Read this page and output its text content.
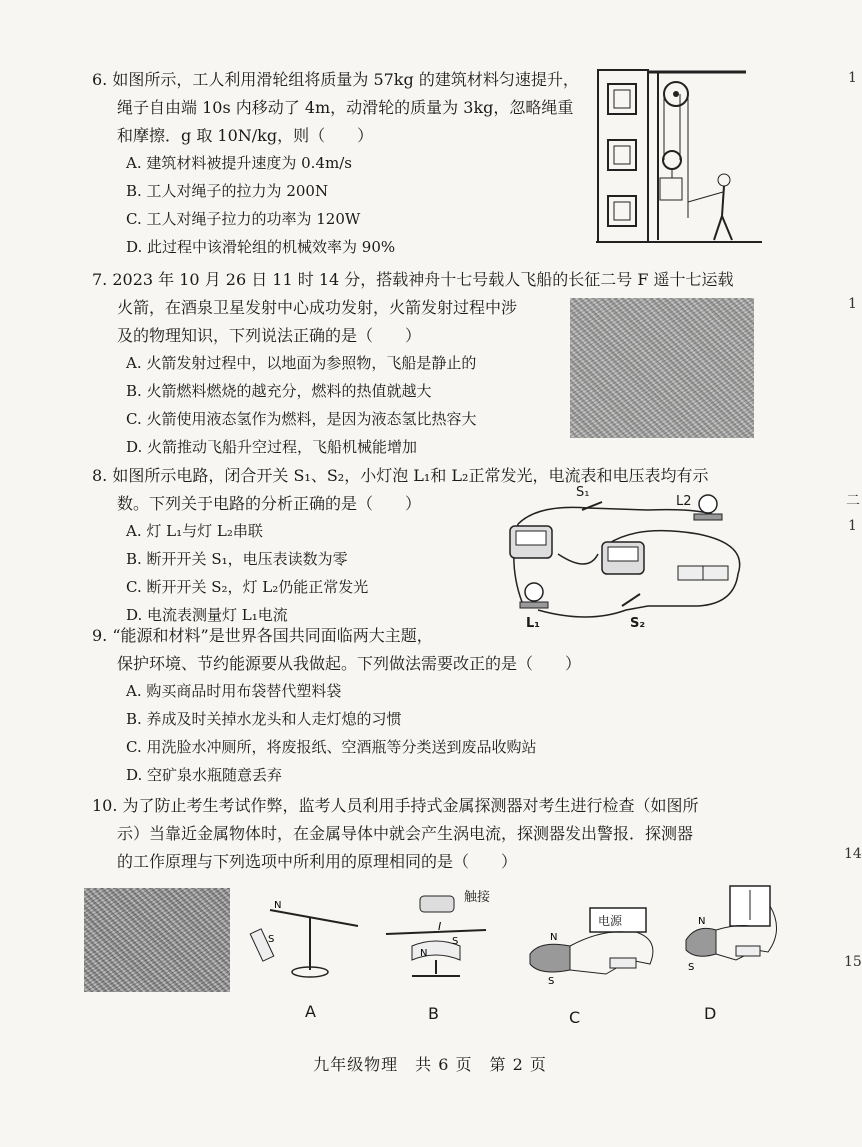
6. 如图所示，工人利用滑轮组将质量为 57kg 的建筑材料匀速提升，
绳子自由端 10s 内移动了 4m，动滑轮的质量为 3kg，忽略绳重
和摩擦．g 取 10N/kg，则（　　）
A. 建筑材料被提升速度为 0.4m/s
B. 工人对绳子的拉力为 200N
C. 工人对绳子拉力的功率为 120W
D. 此过程中该滑轮组的机械效率为 90%
7. 2023 年 10 月 26 日 11 时 14 分，搭载神舟十七号载人飞船的长征二号 F 遥十七运载
火箭，在酒泉卫星发射中心成功发射，火箭发射过程中涉
及的物理知识，下列说法正确的是（　　）
A. 火箭发射过程中，以地面为参照物，飞船是静止的
B. 火箭燃料燃烧的越充分，燃料的热值就越大
C. 火箭使用液态氢作为燃料，是因为液态氢比热容大
D. 火箭推动飞船升空过程，飞船机械能增加
8. 如图所示电路，闭合开关 S₁、S₂，小灯泡 L₁和 L₂正常发光，电流表和电压表均有示
数。下列关于电路的分析正确的是（　　）
A. 灯 L₁与灯 L₂串联
B. 断开开关 S₁，电压表读数为零
C. 断开开关 S₂，灯 L₂仍能正常发光
D. 电流表测量灯 L₁电流
S₁
L2
L₁	S₂
9. “能源和材料”是世界各国共同面临两大主题，
保护环境、节约能源要从我做起。下列做法需要改正的是（　　）
A. 购买商品时用布袋替代塑料袋
B. 养成及时关掉水龙头和人走灯熄的习惯
C. 用洗脸水冲厕所，将废报纸、空酒瓶等分类送到废品收购站
D. 空矿泉水瓶随意丢弃
10. 为了防止考生考试作弊，监考人员利用手持式金属探测器对考生进行检查（如图所
示）当靠近金属物体时，在金属导体中就会产生涡电流，探测器发出警报．探测器
的工作原理与下列选项中所利用的原理相同的是（　　）
N
S
N
S
I
触接
N
S
电源	N
S
A	B	C	D
1
1
二
1
14
15
九年级物理　共 6 页　第 2 页
